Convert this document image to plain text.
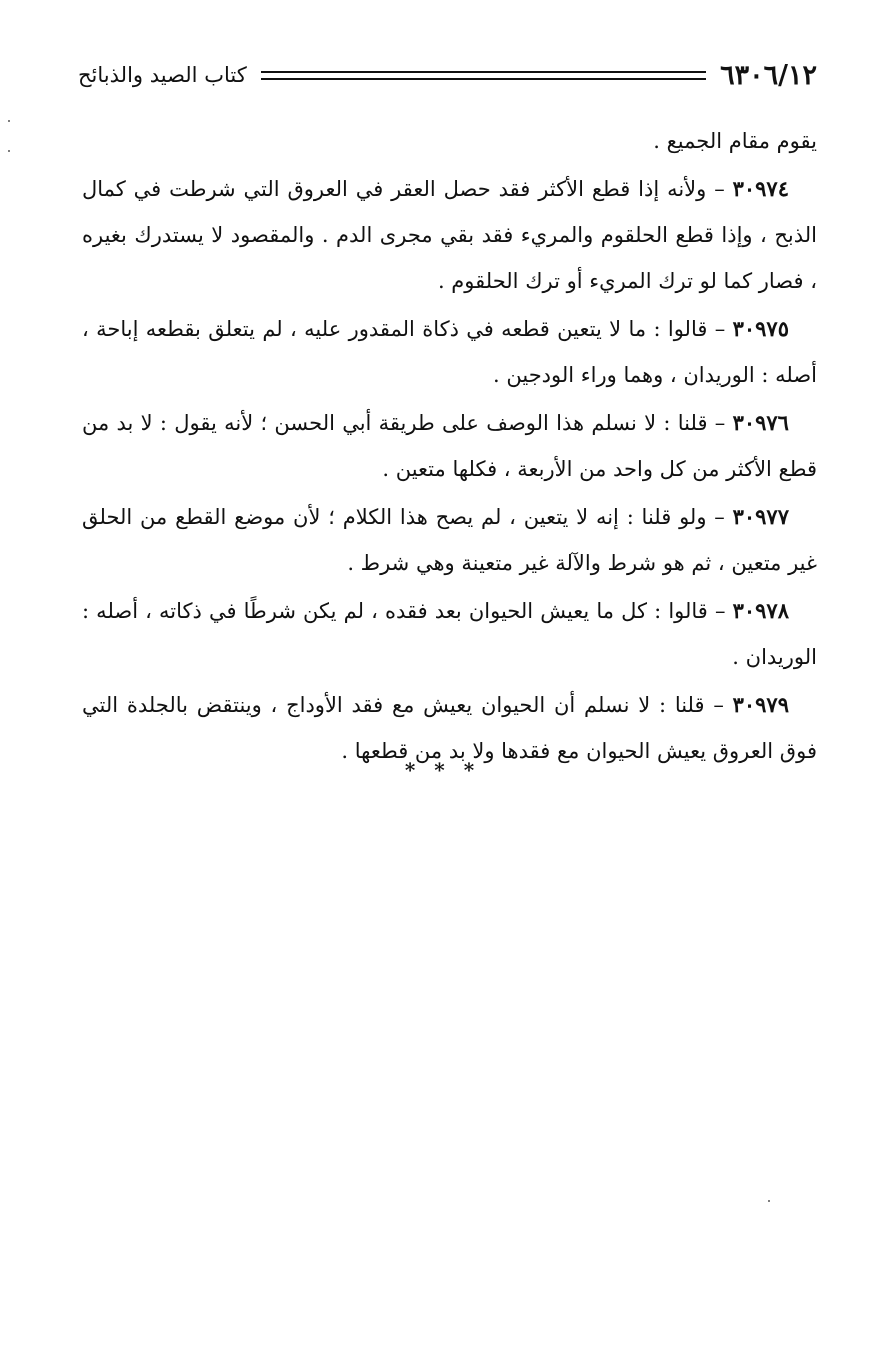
٦٣٠٦/١٢
كتاب الصيد والذبائح

يقوم مقام الجميع .

٣٠٩٧٤ – ولأنه إذا قطع الأكثر فقد حصل العقر في العروق التي شرطت في كمال الذبح ، وإذا قطع الحلقوم والمريء فقد بقي مجرى الدم . والمقصود لا يستدرك بغيره ، فصار كما لو ترك المريء أو ترك الحلقوم .

٣٠٩٧٥ – قالوا : ما لا يتعين قطعه في ذكاة المقدور عليه ، لم يتعلق بقطعه إباحة ، أصله : الوريدان ، وهما وراء الودجين .

٣٠٩٧٦ – قلنا : لا نسلم هذا الوصف على طريقة أبي الحسن ؛ لأنه يقول : لا بد من قطع الأكثر من كل واحد من الأربعة ، فكلها متعين .

٣٠٩٧٧ – ولو قلنا : إنه لا يتعين ، لم يصح هذا الكلام ؛ لأن موضع القطع من الحلق غير متعين ، ثم هو شرط والآلة غير متعينة وهي شرط .

٣٠٩٧٨ – قالوا : كل ما يعيش الحيوان بعد فقده ، لم يكن شرطًا في ذكاته ، أصله : الوريدان .

٣٠٩٧٩ – قلنا : لا نسلم أن الحيوان يعيش مع فقد الأوداج ، وينتقض بالجلدة التي فوق العروق يعيش الحيوان مع فقدها ولا بد من قطعها .

* * *
